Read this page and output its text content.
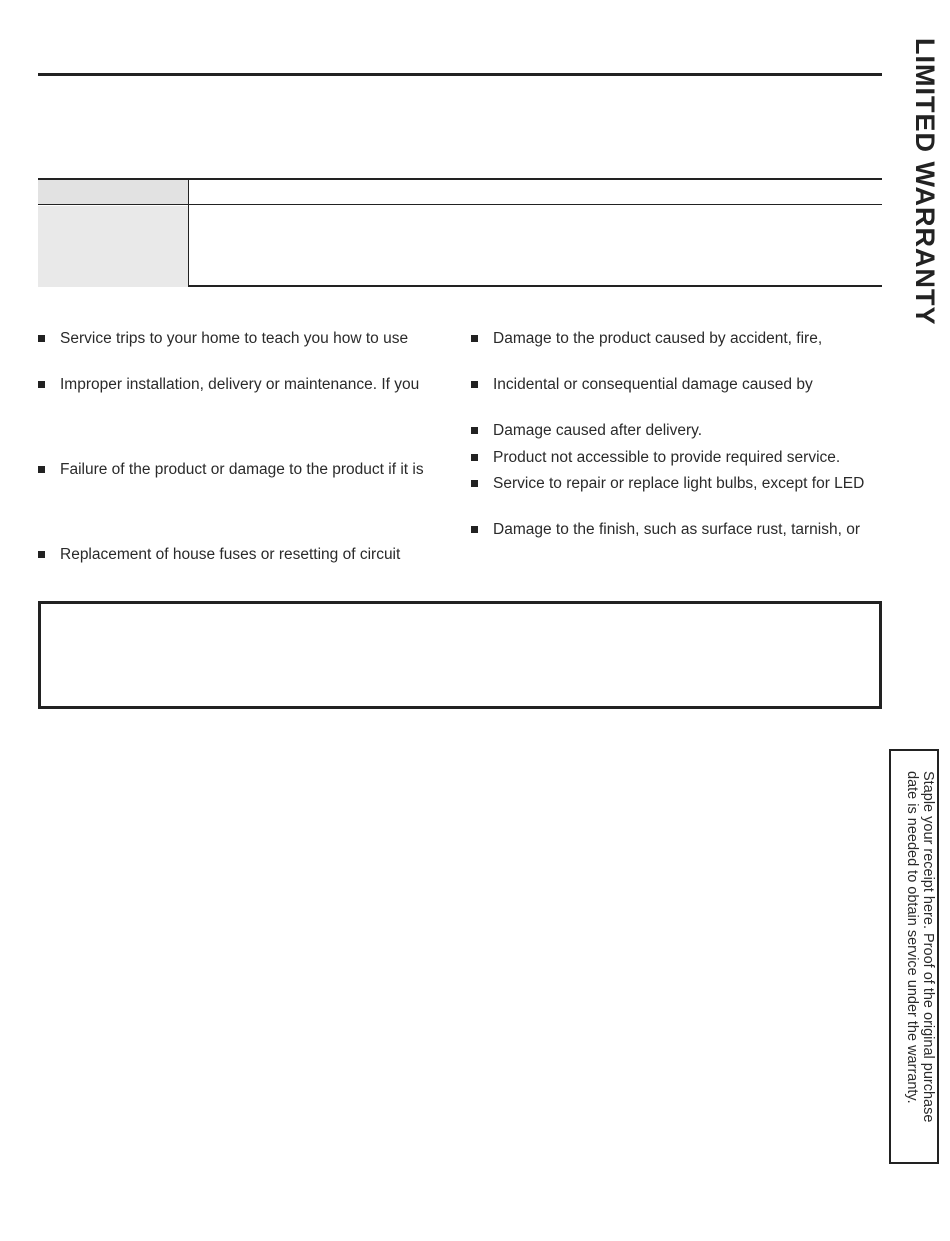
Service trips to your home to teach you how to use
Improper installation, delivery or maintenance. If you
Failure of the product or damage to the product if it is
Replacement of house fuses or resetting of circuit
Damage to the product caused by accident, fire,
Incidental or consequential damage caused by
Damage caused after delivery.
Product not accessible to provide required service.
Service to repair or replace light bulbs, except for LED
Damage to the finish, such as surface rust, tarnish, or
LIMITED WARRANTY
Staple your receipt here. Proof of the original purchase
date is needed to obtain service under the warranty.
